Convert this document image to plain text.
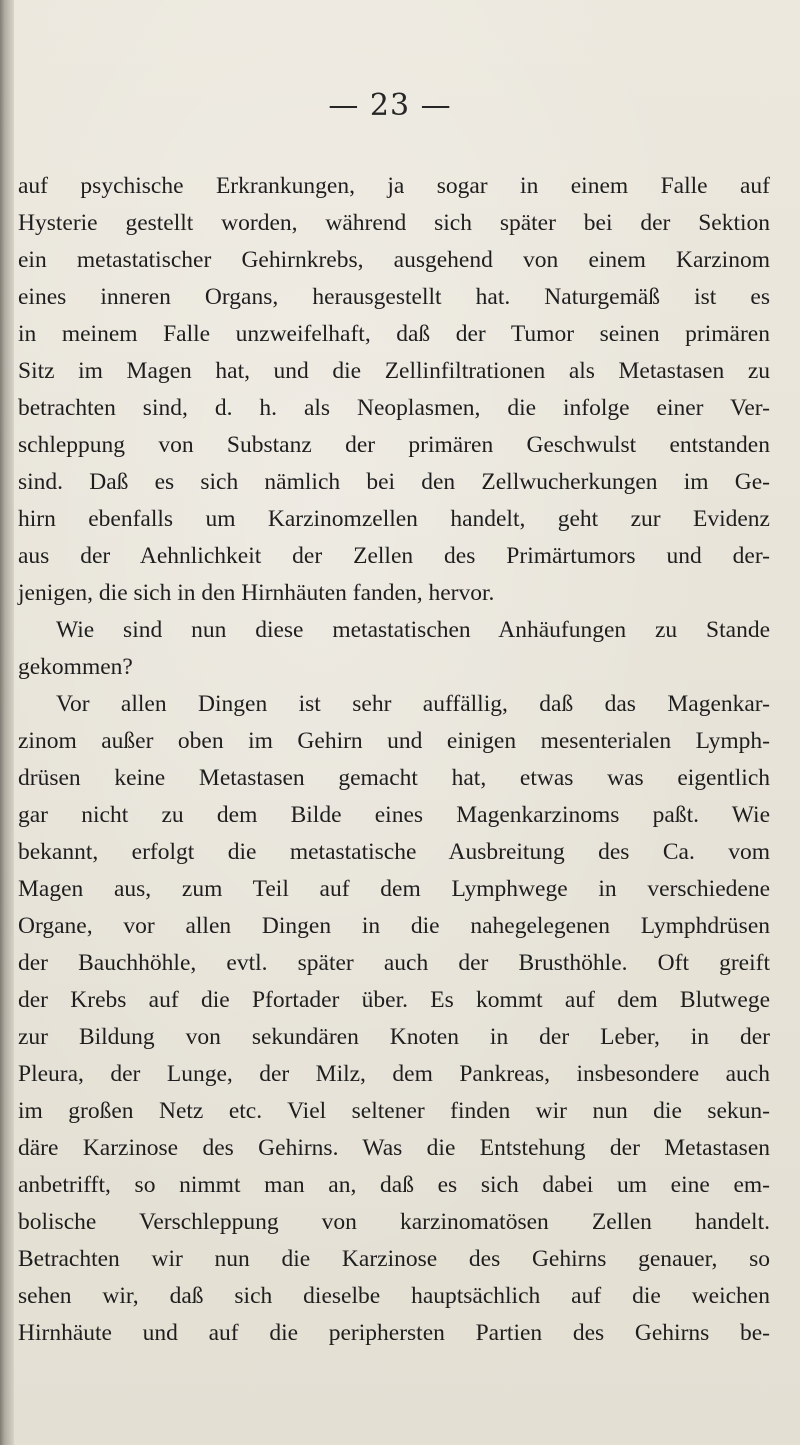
— 23 —
auf psychische Erkrankungen, ja sogar in einem Falle auf
Hysterie gestellt worden, während sich später bei der Sektion
ein metastatischer Gehirnkrebs, ausgehend von einem Karzinom
eines inneren Organs, herausgestellt hat. Naturgemäß ist es
in meinem Falle unzweifelhaft, daß der Tumor seinen primären
Sitz im Magen hat, und die Zellinfiltrationen als Metastasen zu
betrachten sind, d. h. als Neoplasmen, die infolge einer Ver-
schleppung von Substanz der primären Geschwulst entstanden
sind. Daß es sich nämlich bei den Zellwucherkungen im Ge-
hirn ebenfalls um Karzinomzellen handelt, geht zur Evidenz
aus der Aehnlichkeit der Zellen des Primärtumors und der-
jenigen, die sich in den Hirnhäuten fanden, hervor.
Wie sind nun diese metastatischen Anhäufungen zu Stande
gekommen?
Vor allen Dingen ist sehr auffällig, daß das Magenkar-
zinom außer oben im Gehirn und einigen mesenterialen Lymph-
drüsen keine Metastasen gemacht hat, etwas was eigentlich
gar nicht zu dem Bilde eines Magenkarzinoms paßt. Wie
bekannt, erfolgt die metastatische Ausbreitung des Ca. vom
Magen aus, zum Teil auf dem Lymphwege in verschiedene
Organe, vor allen Dingen in die nahegelegenen Lymphdrüsen
der Bauchhöhle, evtl. später auch der Brusthöhle. Oft greift
der Krebs auf die Pfortader über. Es kommt auf dem Blutwege
zur Bildung von sekundären Knoten in der Leber, in der
Pleura, der Lunge, der Milz, dem Pankreas, insbesondere auch
im großen Netz etc. Viel seltener finden wir nun die sekun-
däre Karzinose des Gehirns. Was die Entstehung der Metastasen
anbetrifft, so nimmt man an, daß es sich dabei um eine em-
bolische Verschleppung von karzinomatösen Zellen handelt.
Betrachten wir nun die Karzinose des Gehirns genauer, so
sehen wir, daß sich dieselbe hauptsächlich auf die weichen
Hirnhäute und auf die periphersten Partien des Gehirns be-
